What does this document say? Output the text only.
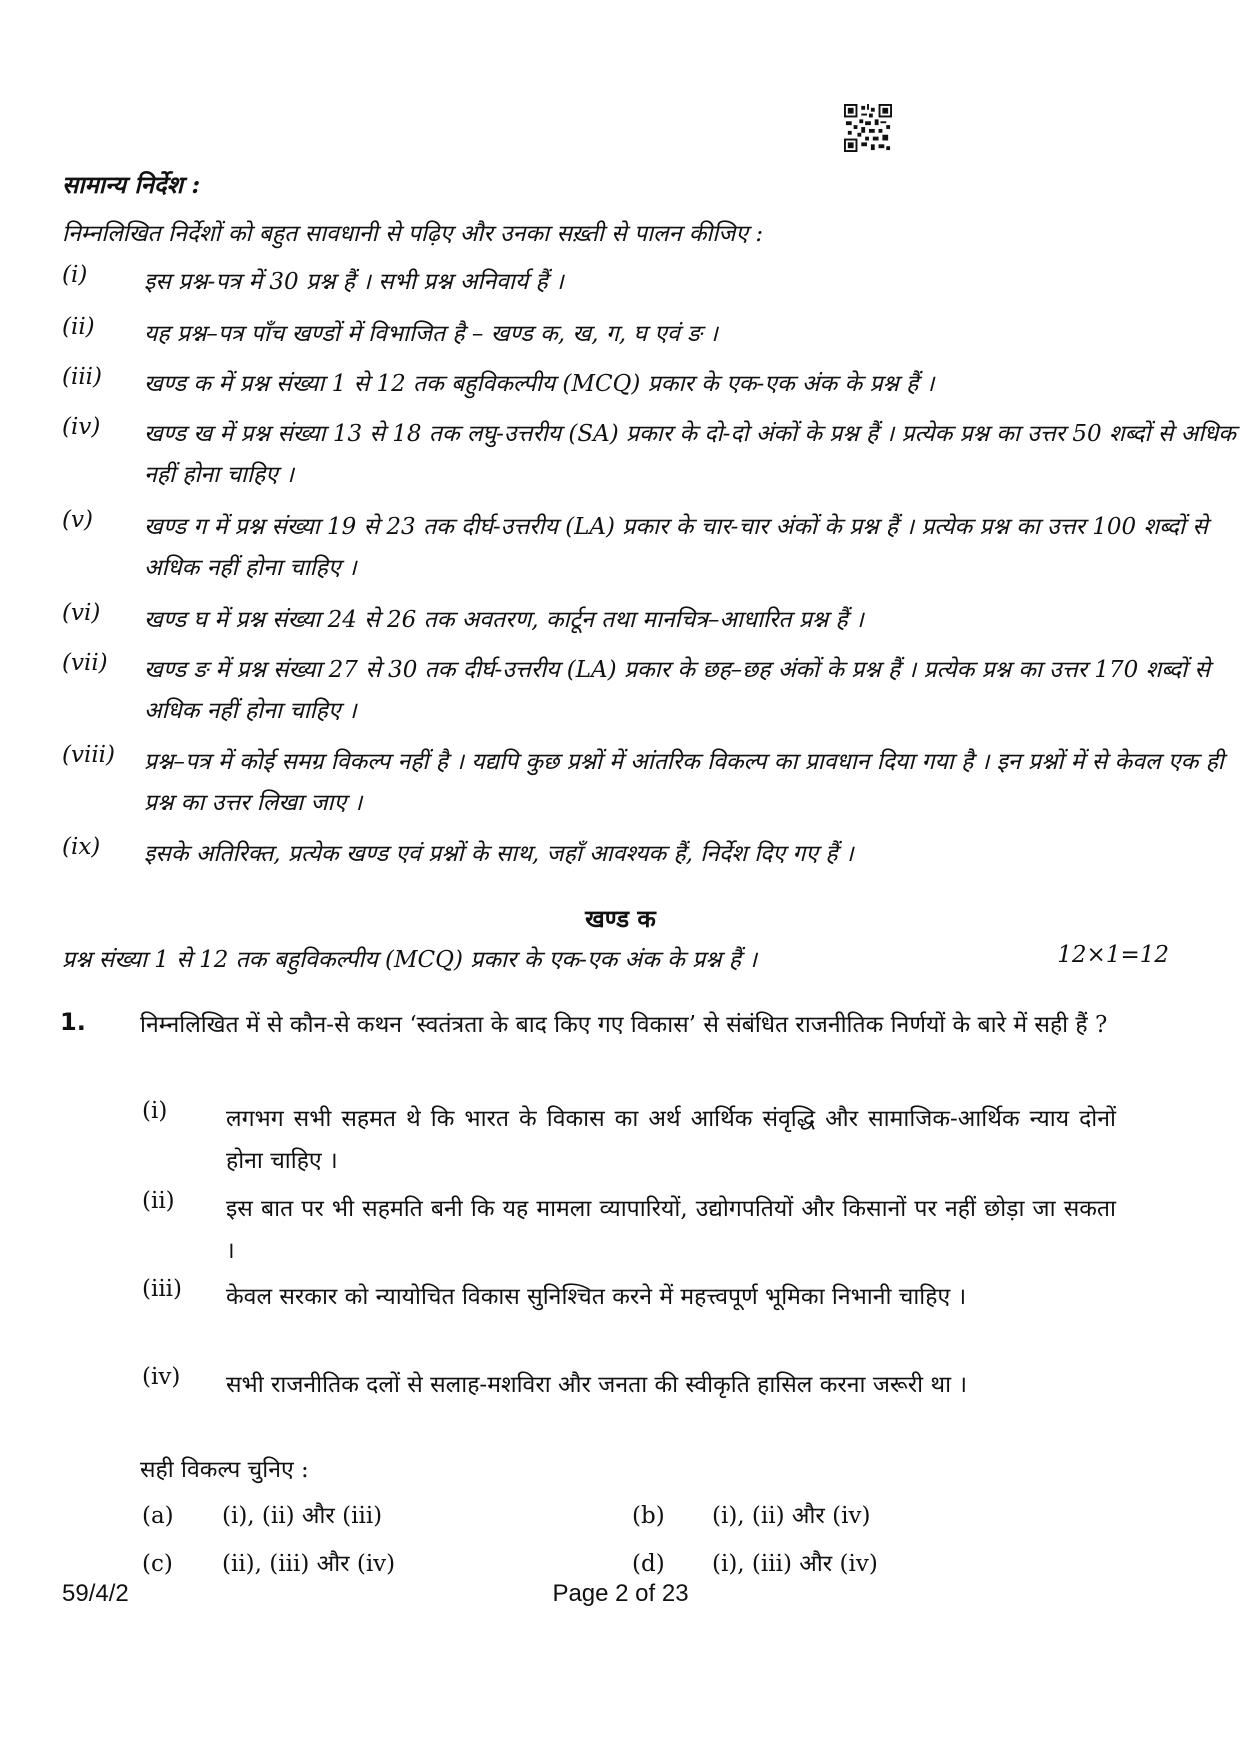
सामान्य निर्देश :
निम्नलिखित निर्देशों को बहुत सावधानी से पढ़िए और उनका सख़्ती से पालन कीजिए :
(i)	इस प्रश्न-पत्र में 30 प्रश्न हैं । सभी प्रश्न अनिवार्य हैं ।
(ii)	यह प्रश्न–पत्र पाँच खण्डों में विभाजित है – खण्ड क, ख, ग, घ एवं ङ ।
(iii)	खण्ड क में प्रश्न संख्या 1 से 12 तक बहुविकल्पीय (MCQ) प्रकार के एक-एक अंक के प्रश्न हैं ।
(iv)	खण्ड ख में प्रश्न संख्या 13 से 18 तक लघु-उत्तरीय (SA) प्रकार के दो-दो अंकों के प्रश्न हैं । प्रत्येक प्रश्न का उत्तर 50 शब्दों से अधिक नहीं होना चाहिए ।
(v)	खण्ड ग में प्रश्न संख्या 19 से 23 तक दीर्घ-उत्तरीय (LA) प्रकार के चार-चार अंकों के प्रश्न हैं । प्रत्येक प्रश्न का उत्तर 100 शब्दों से अधिक नहीं होना चाहिए ।
(vi)	खण्ड घ में प्रश्न संख्या 24 से 26 तक अवतरण, कार्टून तथा मानचित्र–आधारित प्रश्न हैं ।
(vii)	खण्ड ङ में प्रश्न संख्या 27 से 30 तक दीर्घ-उत्तरीय (LA) प्रकार के छह–छह अंकों के प्रश्न हैं । प्रत्येक प्रश्न का उत्तर 170 शब्दों से अधिक नहीं होना चाहिए ।
(viii)	प्रश्न–पत्र में कोई समग्र विकल्प नहीं है । यद्यपि कुछ प्रश्नों में आंतरिक विकल्प का प्रावधान दिया गया है । इन प्रश्नों में से केवल एक ही प्रश्न का उत्तर लिखा जाए ।
(ix)	इसके अतिरिक्त, प्रत्येक खण्ड एवं प्रश्नों के साथ, जहाँ आवश्यक हैं, निर्देश दिए गए हैं ।
खण्ड क
प्रश्न संख्या 1 से 12 तक बहुविकल्पीय (MCQ) प्रकार के एक-एक अंक के प्रश्न हैं ।	12×1=12
1. निम्नलिखित में से कौन-से कथन ‘स्वतंत्रता के बाद किए गए विकास’ से संबंधित राजनीतिक निर्णयों के बारे में सही हैं ?
(i)	लगभग सभी सहमत थे कि भारत के विकास का अर्थ आर्थिक संवृद्धि और सामाजिक-आर्थिक न्याय दोनों होना चाहिए ।
(ii)	इस बात पर भी सहमति बनी कि यह मामला व्यापारियों, उद्योगपतियों और किसानों पर नहीं छोड़ा जा सकता ।
(iii)	केवल सरकार को न्यायोचित विकास सुनिश्चित करने में महत्त्वपूर्ण भूमिका निभानी चाहिए ।
(iv)	सभी राजनीतिक दलों से सलाह-मशविरा और जनता की स्वीकृति हासिल करना जरूरी था ।
सही विकल्प चुनिए :
(a) (i), (ii) और (iii)	(b) (i), (ii) और (iv)
(c) (ii), (iii) और (iv)	(d) (i), (iii) और (iv)
59/4/2	Page 2 of 23
